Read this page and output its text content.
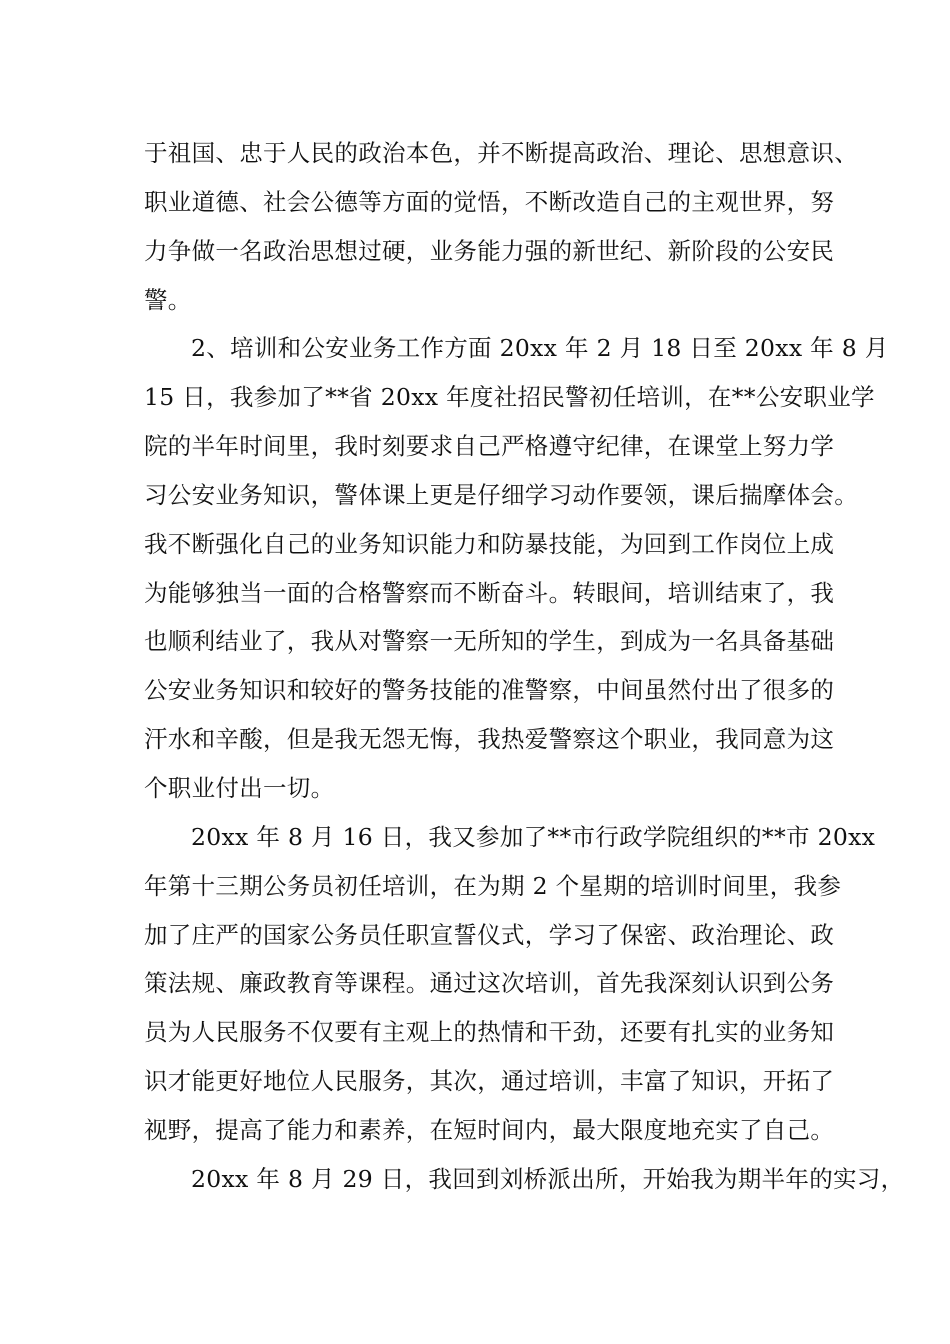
于祖国、忠于人民的政治本色，并不断提高政治、理论、思想意识、
职业道德、社会公德等方面的觉悟，不断改造自己的主观世界，努
力争做一名政治思想过硬，业务能力强的新世纪、新阶段的公安民
警。
2、培训和公安业务工作方面 20xx 年 2 月 18 日至 20xx 年 8 月
15 日，我参加了**省 20xx 年度社招民警初任培训，在**公安职业学
院的半年时间里，我时刻要求自己严格遵守纪律，在课堂上努力学
习公安业务知识，警体课上更是仔细学习动作要领，课后揣摩体会。
我不断强化自己的业务知识能力和防暴技能，为回到工作岗位上成
为能够独当一面的合格警察而不断奋斗。转眼间，培训结束了，我
也顺利结业了，我从对警察一无所知的学生，到成为一名具备基础
公安业务知识和较好的警务技能的准警察，中间虽然付出了很多的
汗水和辛酸，但是我无怨无悔，我热爱警察这个职业，我同意为这
个职业付出一切。
20xx 年 8 月 16 日，我又参加了**市行政学院组织的**市 20xx
年第十三期公务员初任培训，在为期 2 个星期的培训时间里，我参
加了庄严的国家公务员任职宣誓仪式，学习了保密、政治理论、政
策法规、廉政教育等课程。通过这次培训，首先我深刻认识到公务
员为人民服务不仅要有主观上的热情和干劲，还要有扎实的业务知
识才能更好地位人民服务，其次，通过培训，丰富了知识，开拓了
视野，提高了能力和素养，在短时间内，最大限度地充实了自己。
20xx 年 8 月 29 日，我回到刘桥派出所，开始我为期半年的实习，
